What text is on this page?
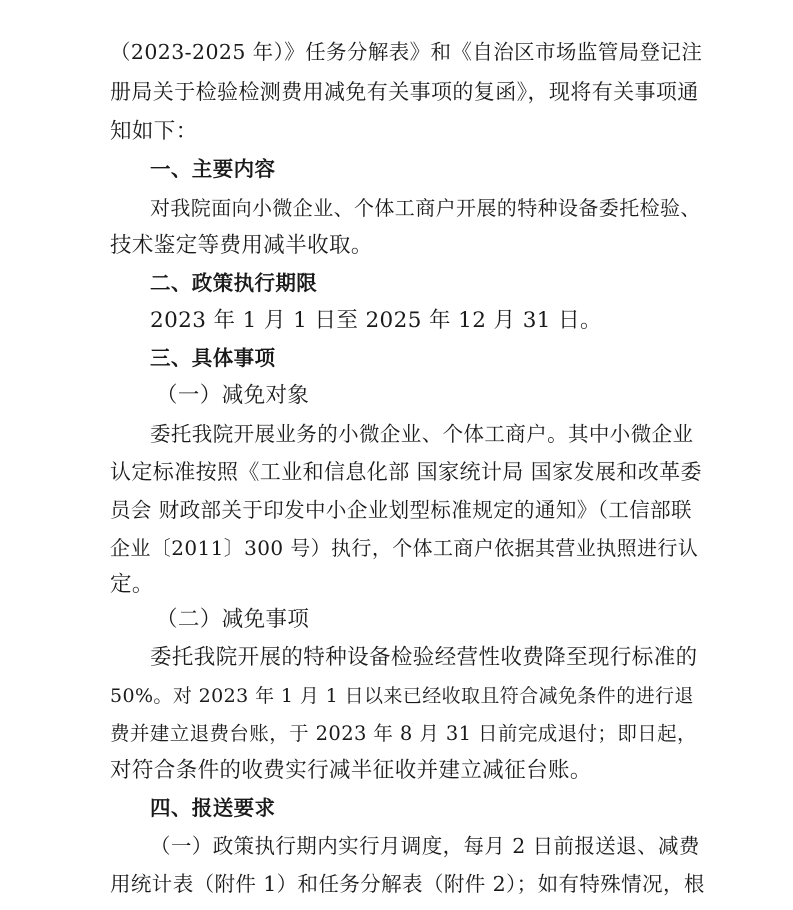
（2023-2025 年）》任务分解表》和《自治区市场监管局登记注
册局关于检验检测费用减免有关事项的复函》，现将有关事项通
知如下：
一、主要内容
对我院面向小微企业、个体工商户开展的特种设备委托检验、
技术鉴定等费用减半收取。
二、政策执行期限
2023 年 1 月 1 日至 2025 年 12 月 31 日。
三、具体事项
（一）减免对象
委托我院开展业务的小微企业、个体工商户。其中小微企业
认定标准按照《工业和信息化部 国家统计局 国家发展和改革委
员会 财政部关于印发中小企业划型标准规定的通知》（工信部联
企业〔2011〕300 号）执行，个体工商户依据其营业执照进行认
定。
（二）减免事项
委托我院开展的特种设备检验经营性收费降至现行标准的
50%。对 2023 年 1 月 1 日以来已经收取且符合减免条件的进行退
费并建立退费台账，于 2023 年 8 月 31 日前完成退付；即日起，
对符合条件的收费实行减半征收并建立减征台账。
四、报送要求
（一）政策执行期内实行月调度，每月 2 日前报送退、减费
用统计表（附件 1）和任务分解表（附件 2）；如有特殊情况，根
